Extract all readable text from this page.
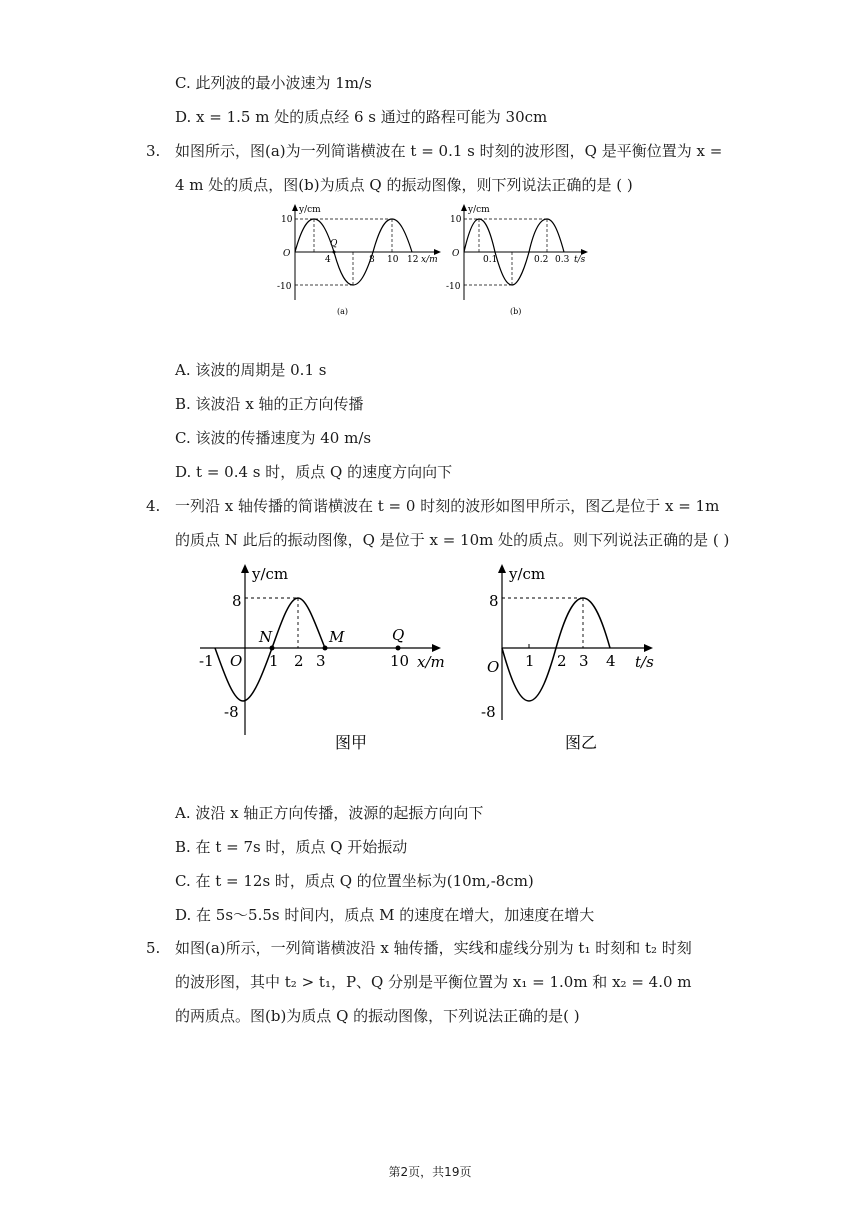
C. 此列波的最小波速为 1m/s
D. x = 1.5 m 处的质点经 6 s 通过的路程可能为 30cm
3. 如图所示，图(a)为一列简谐横波在 t = 0.1 s 时刻的波形图，Q 是平衡位置为 x =
4 m 处的质点，图(b)为质点 Q 的振动图像，则下列说法正确的是 ( )
y/cm
x/m
10
-10
O
Q
4	8 10 12
(a)
y/cm
t/s
10
-10
O
0.1	0.2 0.3
(b)
A. 该波的周期是 0.1 s
B. 该波沿 x 轴的正方向传播
C. 该波的传播速度为 40 m/s
D. t = 0.4 s 时，质点 Q 的速度方向向下
4. 一列沿 x 轴传播的简谐横波在 t = 0 时刻的波形如图甲所示，图乙是位于 x = 1m
的质点 N 此后的振动图像，Q 是位于 x = 10m 处的质点。则下列说法正确的是 ( )
y/cm
x/m
8
-8
O
N	M	Q
-1	1 2 3	10
图甲
y/cm
t/s
8
-8
O 1 2 3 4
图乙
A. 波沿 x 轴正方向传播，波源的起振方向向下
B. 在 t = 7s 时，质点 Q 开始振动
C. 在 t = 12s 时，质点 Q 的位置坐标为(10m,-8cm)
D. 在 5s～5.5s 时间内，质点 M 的速度在增大，加速度在增大
5. 如图(a)所示，一列简谐横波沿 x 轴传播，实线和虚线分别为 t₁ 时刻和 t₂ 时刻
的波形图，其中 t₂ > t₁，P、Q 分别是平衡位置为 x₁ = 1.0m 和 x₂ = 4.0 m
的两质点。图(b)为质点 Q 的振动图像，下列说法正确的是( )
第2页，共19页
